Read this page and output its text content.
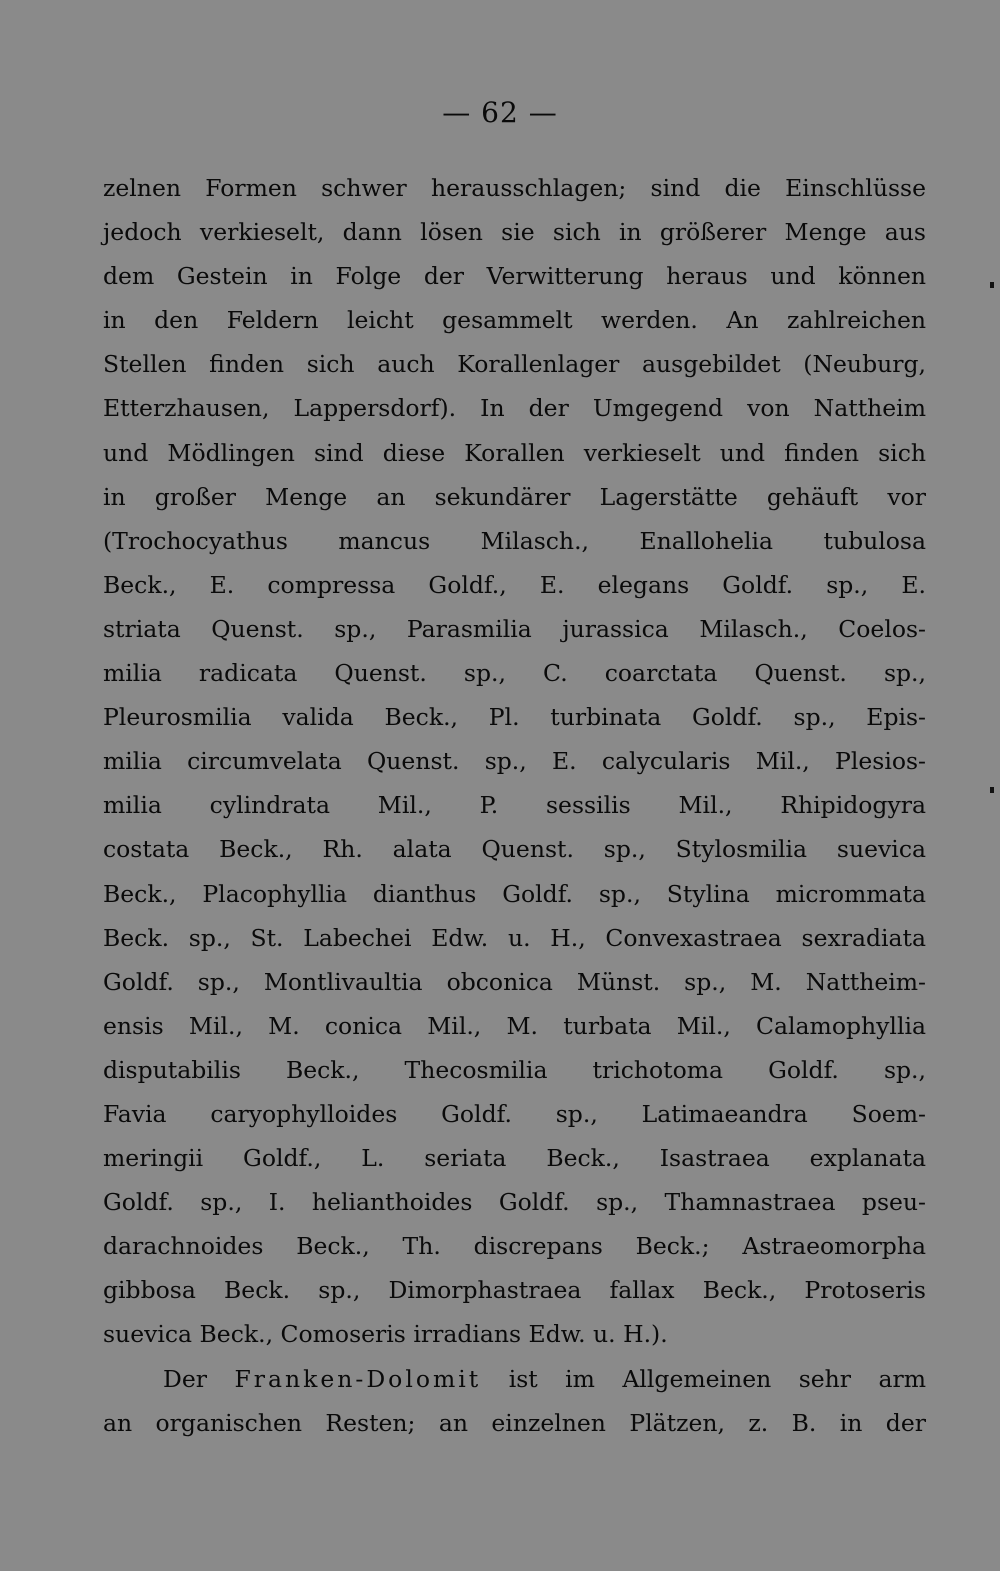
— 62 —
zelnen Formen schwer herausschlagen; sind die Einschlüsse
jedoch verkieselt, dann lösen sie sich in größerer Menge aus
dem Gestein in Folge der Verwitterung heraus und können
in den Feldern leicht gesammelt werden. An zahlreichen
Stellen finden sich auch Korallenlager ausgebildet (Neuburg,
Etterzhausen, Lappersdorf). In der Umgegend von Nattheim
und Mödlingen sind diese Korallen verkieselt und finden sich
in großer Menge an sekundärer Lagerstätte gehäuft vor
(Trochocyathus mancus Milasch., Enallohelia tubulosa
Beck., E. compressa Goldf., E. elegans Goldf. sp., E.
striata Quenst. sp., Parasmilia jurassica Milasch., Coelos-
milia radicata Quenst. sp., C. coarctata Quenst. sp.,
Pleurosmilia valida Beck., Pl. turbinata Goldf. sp., Epis-
milia circumvelata Quenst. sp., E. calycularis Mil., Plesios-
milia cylindrata Mil., P. sessilis Mil., Rhipidogyra
costata Beck., Rh. alata Quenst. sp., Stylosmilia suevica
Beck., Placophyllia dianthus Goldf. sp., Stylina micrommata
Beck. sp., St. Labechei Edw. u. H., Convexastraea sexradiata
Goldf. sp., Montlivaultia obconica Münst. sp., M. Nattheim-
ensis Mil., M. conica Mil., M. turbata Mil., Calamophyllia
disputabilis Beck., Thecosmilia trichotoma Goldf. sp.,
Favia caryophylloides Goldf. sp., Latimaeandra Soem-
meringii Goldf., L. seriata Beck., Isastraea explanata
Goldf. sp., I. helianthoides Goldf. sp., Thamnastraea pseu-
darachnoides Beck., Th. discrepans Beck.; Astraeomorpha
gibbosa Beck. sp., Dimorphastraea fallax Beck., Protoseris
suevica Beck., Comoseris irradians Edw. u. H.).
Der Franken-Dolomit ist im Allgemeinen sehr arm
an organischen Resten; an einzelnen Plätzen, z. B. in der
